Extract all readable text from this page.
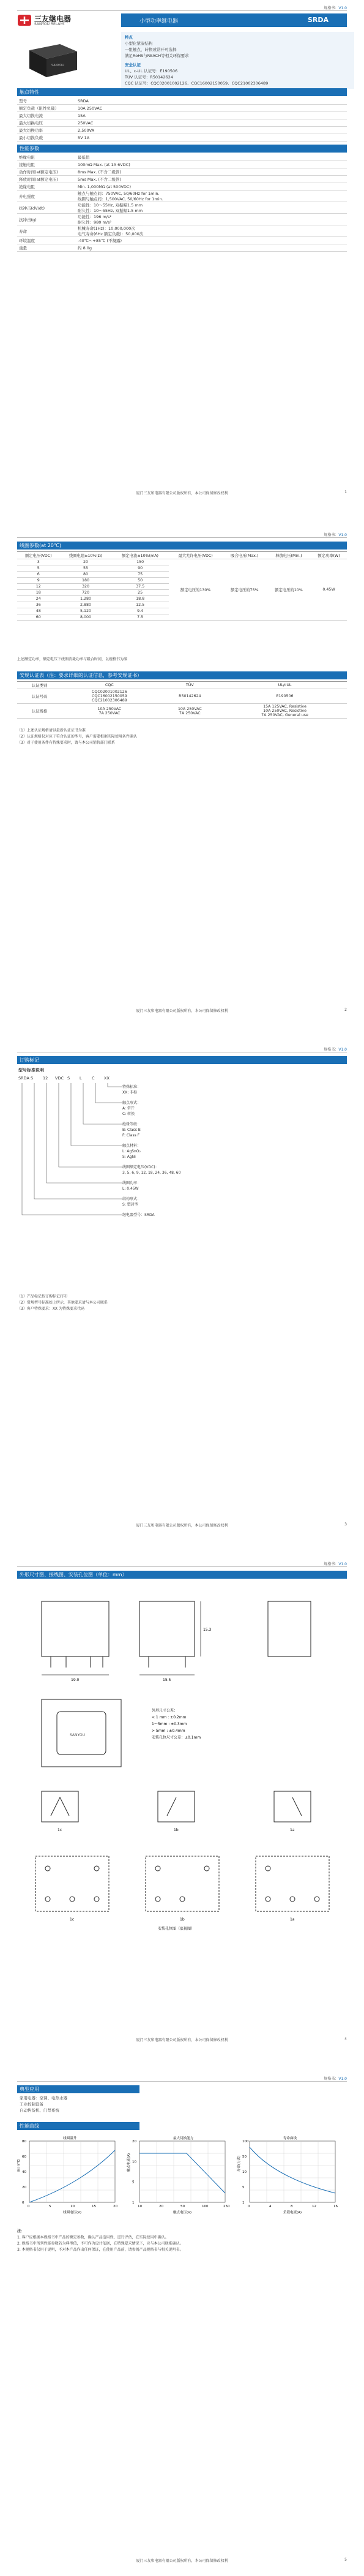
规格书：V1.0
三友继电器
SANYOU RELAYS	小型功率继电器	SRDA
SANYOU
特点
小型化紧凑结构
一组触点，转换或常开可选择
满足RoHS与REACH等相关环保要求
安全认证
UL、c-UL 认证号：E190506
TÜV 认证号：R50142624
CQC 认证号：CQC02001002126、CQC16002150059、CQC21002306489
触点特性
型号	SRDA
额定负载（阻性负载）	10A 250VAC
最大切换电流	15A
最大切换电压	250VAC
最大切换功率	2,500VA
最小切换负载	5V 1A
性能参数
绝缘电阻	最低值
接触电阻	100mΩ Max. (at 1A 6VDC)
动作时间(at额定电压)	8ms Max. (不含二级管)
释放时间(at额定电压)	5ms Max. (不含二级管)
绝缘电阻	Min. 1,000MΩ (at 500VDC)
介电强度	触点与触点间：750VAC, 50/60Hz for 1min.
线圈与触点间：1,500VAC, 50/60Hz for 1min.
抗冲击(dV/dt)	功能性：10～55Hz, 双振幅1.5 mm
耐久性：10～55Hz, 双振幅1.5 mm
抗冲击(g)	功能性：196 m/s²
耐久性：980 m/s²
寿命	机械寿命(1Hz)：10,000,000次
电气寿命(6Hz 额定负载)：50,000次
环境温度	-40℃～+85℃ (不凝露)
重量	约 8.0g
厦门三友和电器有限公司版权所有，本公司保留修改权利	1
规格书：V1.0
线圈参数(at 20℃)
额定电压(VDC)	线圈电阻±10%(Ω)	额定电流±10%(mA)	最大允许电压(VDC)	吸合电压(Max.)	释放电压(Min.)	额定功率(W)
3	20	150	额定电压的130%	额定电压的75%	额定电压的10%	0.45W
5	55	90				
6	80	75				
9	180	50				
12	320	37.5				
18	720	25				
24	1,280	18.8				
36	2,880	12.5				
48	5,120	9.4				
60	8,000	7.5				
上述额定功率，额定电压下线圈消耗功率与吸合时间，以规格书为准
安规认证表（注：要求详细的认证信息，参考安规证书）
认证类别	CQC	TÜV	UL/cUL
认证号码	CQC02001002126
CQC16002150059
CQC21002306489	R50142624	E190506
认证规格	10A 250VAC
7A 250VAC	10A 250VAC
7A 250VAC	15A 125VAC, Resistive
10A 250VAC, Resistive
7A 250VAC, General use
（1）上述认证规格请以最新认证证书为准
（2）认证规格仅对应于符合认证的型号，客户需要根据实际使用条件确认
（3）对于使用条件有特殊要求时，请与本公司销售部门联系
厦门三友和电器有限公司版权所有，本公司保留修改权利	2
规格书：V1.0
订购标记
型号标准说明
SRDA S 12 VDC S L	C XX
特殊标准：
XX: 非标
触点形式：
A: 常开
C: 转换
绝缘等级：
B: Class B
F: Class F
触点材料：
L: AgSnO₂
S: AgNi
线圈额定电压(VDC)：
3, 5, 6, 9, 12, 18, 24, 36, 48, 60
线圈功率：
L: 0.45W
结构形式：
S: 塑封型
继电器型号：SRDA
（1）产品标记按订购标记打印
（2）常规型号标准如上所示，其他要求请与本公司联系
（3）客户特殊要求：XX 为特殊要求代码
厦门三友和电器有限公司版权所有，本公司保留修改权利	3
规格书：V1.0
外形尺寸图、接线图、安装孔位图（单位：mm）
19.0	15.5
15.3
SANYOU
外形尺寸公差：
< 1 mm : ±0.2mm
1～5mm : ±0.3mm
> 5mm : ±0.4mm
安装孔位尺寸公差：±0.1mm
1c	1b	1a
安装孔位图（底视图）
1c	1b	1a
厦门三友和电器有限公司版权所有，本公司保留修改权利	4
规格书：V1.0
典型应用
家用电器：空调、电热水器
工业控制设备
自动售货机、门禁系统
性能曲线
线圈温升
0	5	10	15	20
0
20
40
60
80
线圈电压(V)
温升(℃)
最大切换能力
10	20	50	100	250
1
5
10
20
触点电压(V)
触点电流(A)
寿命曲线
0	4	8	12	16
1
5
10
50
100
负载电流(A)
寿命(万次)
注：
1. 客户应根据本规格书中产品的额定参数，确认产品适用性、进行评估，在实际使用中确认。
2. 规格书中所列性能参数若为典型值，不可作为设计依据，在特殊要求情况下，应与本公司联系确认。
3. 本规格书仅用于说明，不对本产品作出任何保证，在使用产品前，请参阅产品规格书与相关说明书。
厦门三友和电器有限公司版权所有，本公司保留修改权利	5
